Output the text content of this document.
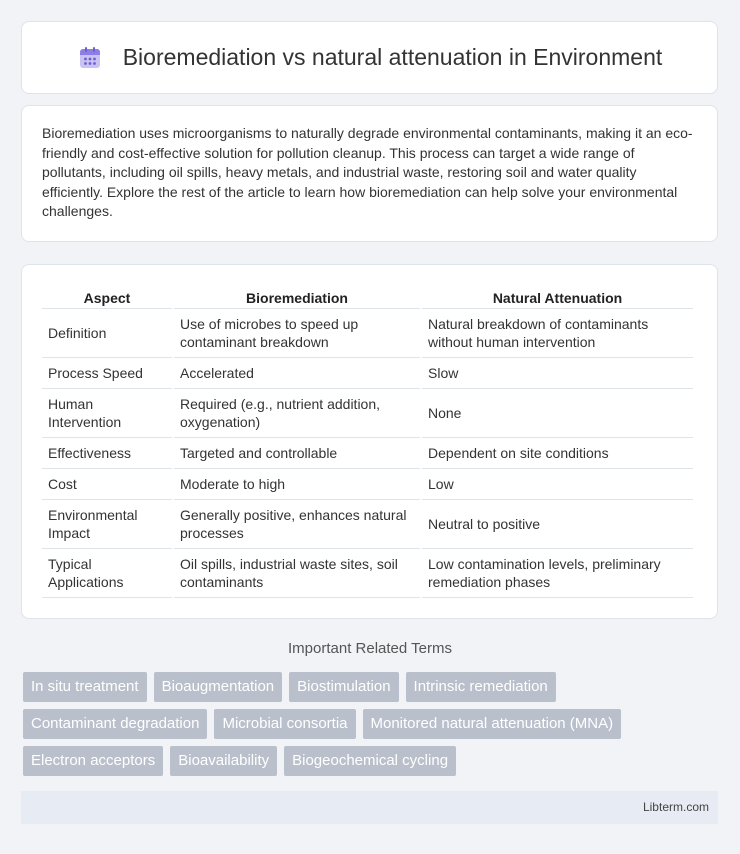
Bioremediation vs natural attenuation in Environment

Bioremediation uses microorganisms to naturally degrade environmental contaminants, making it an eco-friendly and cost-effective solution for pollution cleanup. This process can target a wide range of pollutants, including oil spills, heavy metals, and industrial waste, restoring soil and water quality efficiently. Explore the rest of the article to learn how bioremediation can help solve your environmental challenges.

Aspect	Bioremediation	Natural Attenuation
Definition	Use of microbes to speed up contaminant breakdown	Natural breakdown of contaminants without human intervention
Process Speed	Accelerated	Slow
Human Intervention	Required (e.g., nutrient addition, oxygenation)	None
Effectiveness	Targeted and controllable	Dependent on site conditions
Cost	Moderate to high	Low
Environmental Impact	Generally positive, enhances natural processes	Neutral to positive
Typical Applications	Oil spills, industrial waste sites, soil contaminants	Low contamination levels, preliminary remediation phases
Important Related Terms
In situ treatment	Bioaugmentation	Biostimulation	Intrinsic remediation
Contaminant degradation	Microbial consortia	Monitored natural attenuation (MNA)
Electron acceptors	Bioavailability	Biogeochemical cycling
Libterm.com
